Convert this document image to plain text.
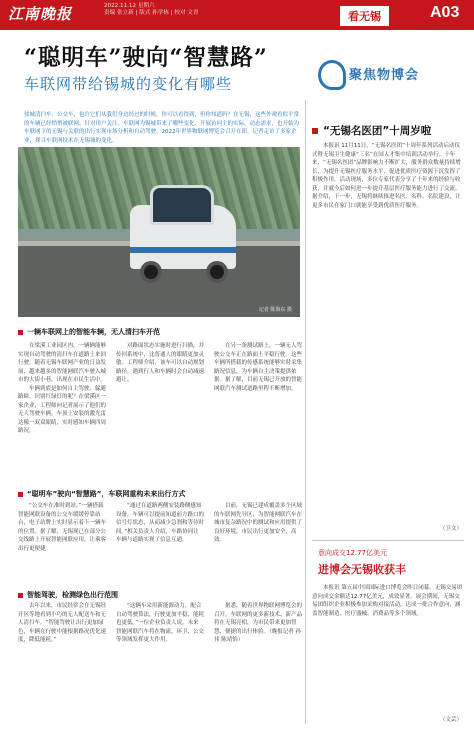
江南晚报	2022.11.12 星期六
责编 张立新 | 版式 孙学栋 | 校对 文青	看无锡	A03
“聪明车”驶向“智慧路”
车联网带给锡城的变化有哪些	聚焦物博会
盐城清扫车、公交车，也许它们从我们身边经过的时候，你可以看得到，但你知道吗？在无锡，这些外观看似平常的车辆已经悄悄被联网。针对用户关注、车联网为锡城带来了哪些变化、开展访问主的实际、动态需求，也开始为车联网下的无锡与关联的出行实现市场分析和自动驾驶。2022年世界物联网博览会召开在即，记者走访了多家企业，探寻车联网技术在无锡城的变化。
记者 陈海东 摄
一辆车联网上的智能车辆，无人清扫车开范

在梁溪工业园区内，一辆辆能够实现自动驾驶的清扫车在道路上来回行驶。随着无锡车联网产业的日益发展，越来越多的智能网联汽车驶入城市的大街小巷，出现在市民生活中。

车辆到底是如何自主驾驶、躲避路障、识别红绿灯的呢？在梁溪区一家企业，工程师向记者展示了他们的无人驾驶车辆。车顶上安装的激光雷达像一双双眼睛，实时感知车辆四周路况。

对路面状态实施时进行扫描，并传回系统中，比普通人的眼睛更加灵敏。工程师介绍，该车可以自动规划路径，遇到行人和车辆时会自动减速避让。

在另一条测试路上，一辆无人驾驶公交车正在路面上平稳行驶。这些车辆所搭载的传感系统能够实时采集路况信息，为车辆自主决策提供依据。据了解，目前无锡已开放的智能网联汽车测试道路里程不断增加。

“聪明车”驶向“智慧路”，车联网重构未来出行方式

“公交车在准时到站。”一辆搭载智能网联设备的公交车缓缓停靠站台，电子站牌上实时显示着下一辆车的位置。据了解，无锡现已在部分公交线路上开展智能网联应用，让乘客出行更便捷。

“通过在道路两侧安装路侧感知设备，车辆可以提前知道前方路口的信号灯状态，从而减少急刹和等待时间。”相关负责人介绍，车路协同让车辆与道路实现了信息互通。

目前，无锡已建成覆盖多个区域的车联网先导区，为智能网联汽车在城市复杂路况中的测试和应用提供了良好环境，市民出行更加安全、高效。

智能驾驶，检测绿色出行范围

去年以来，市民经常会在无锡经开区等地看到小巧的无人配送车和无人清扫车。“智能驾驶让出行更加绿色，车辆在行驶中能根据路况优化速度，降低能耗。”

“这辆车采用新能源动力，配合自动驾驶算法，行驶更加平稳，能耗也更低。”一位企业负责人说，未来智能网联汽车将在物流、环卫、公交等领域发挥更大作用。

据悉，随着世界物联网博览会的召开，车联网的更多新技术、新产品将在无锡亮相，为市民带来更加智慧、便捷的出行体验。（晚报记者 孙伟 陈靖怡）

“无锡名医团”十周岁啦
本报讯 11月11日，“无锡名医团”十周年系列活动启动仪式暨无锡卫生健康“三名”在国人才集中培训活动举行。十年来，“无锡名医团”品牌影响力不断扩大，服务群众数量持续增长，为提升无锡医疗服务水平、促进优质医疗资源下沉发挥了积极作用。活动现场，多位专家代表分享了十年来的经验与收获，并就今后如何进一步提升基层医疗服务能力进行了交流。据介绍，下一步，无锡将继续推进名医、名科、名院建设，让更多市民在家门口就能享受到优质医疗服务。
（卫文）
意向成交12.77亿美元
进博会无锡收获丰
本报讯 第五届中国国际进口博览会昨日闭幕。无锡交易团意向成交金额达12.77亿美元，成效显著。展会期间，无锡交易团组织企业积极参加采购对接活动，达成一批合作意向，涵盖智能制造、医疗器械、消费品等多个领域。
（文芸）
